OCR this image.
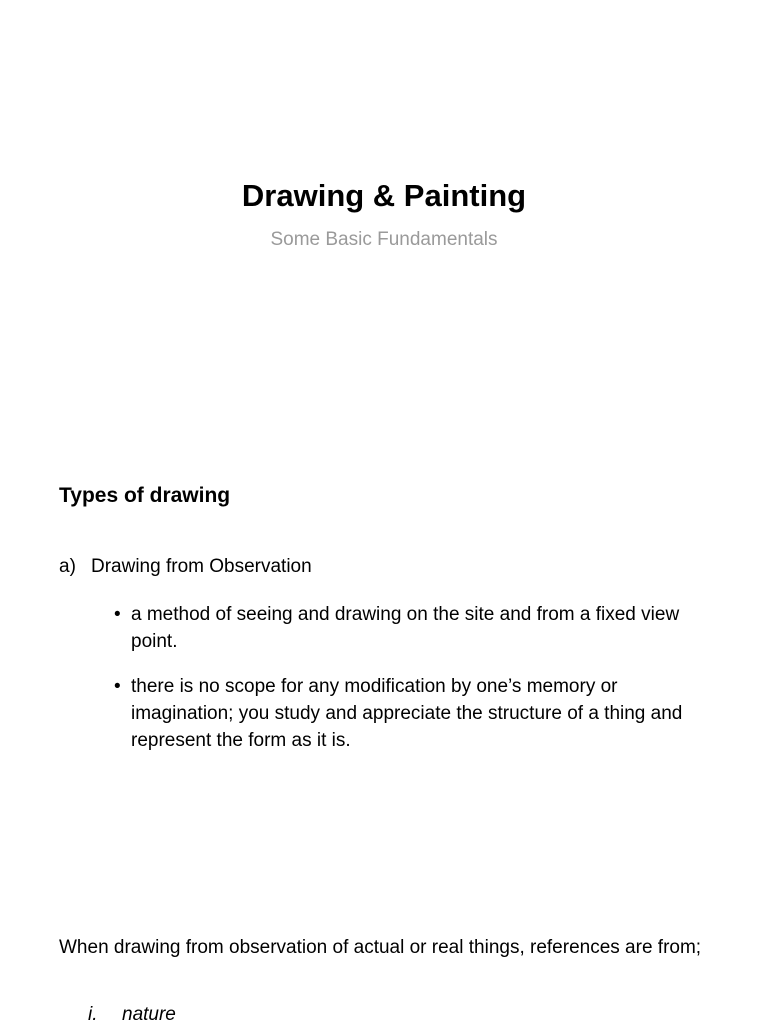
Drawing & Painting
Some Basic Fundamentals
Types of drawing
a) Drawing from Observation
• a method of seeing and drawing on the site and from a fixed view point.
• there is no scope for any modification by one’s memory or imagination; you study and appreciate the structure of a thing and represent the form as it is.
When drawing from observation of actual or real things, references are from;
i. nature
